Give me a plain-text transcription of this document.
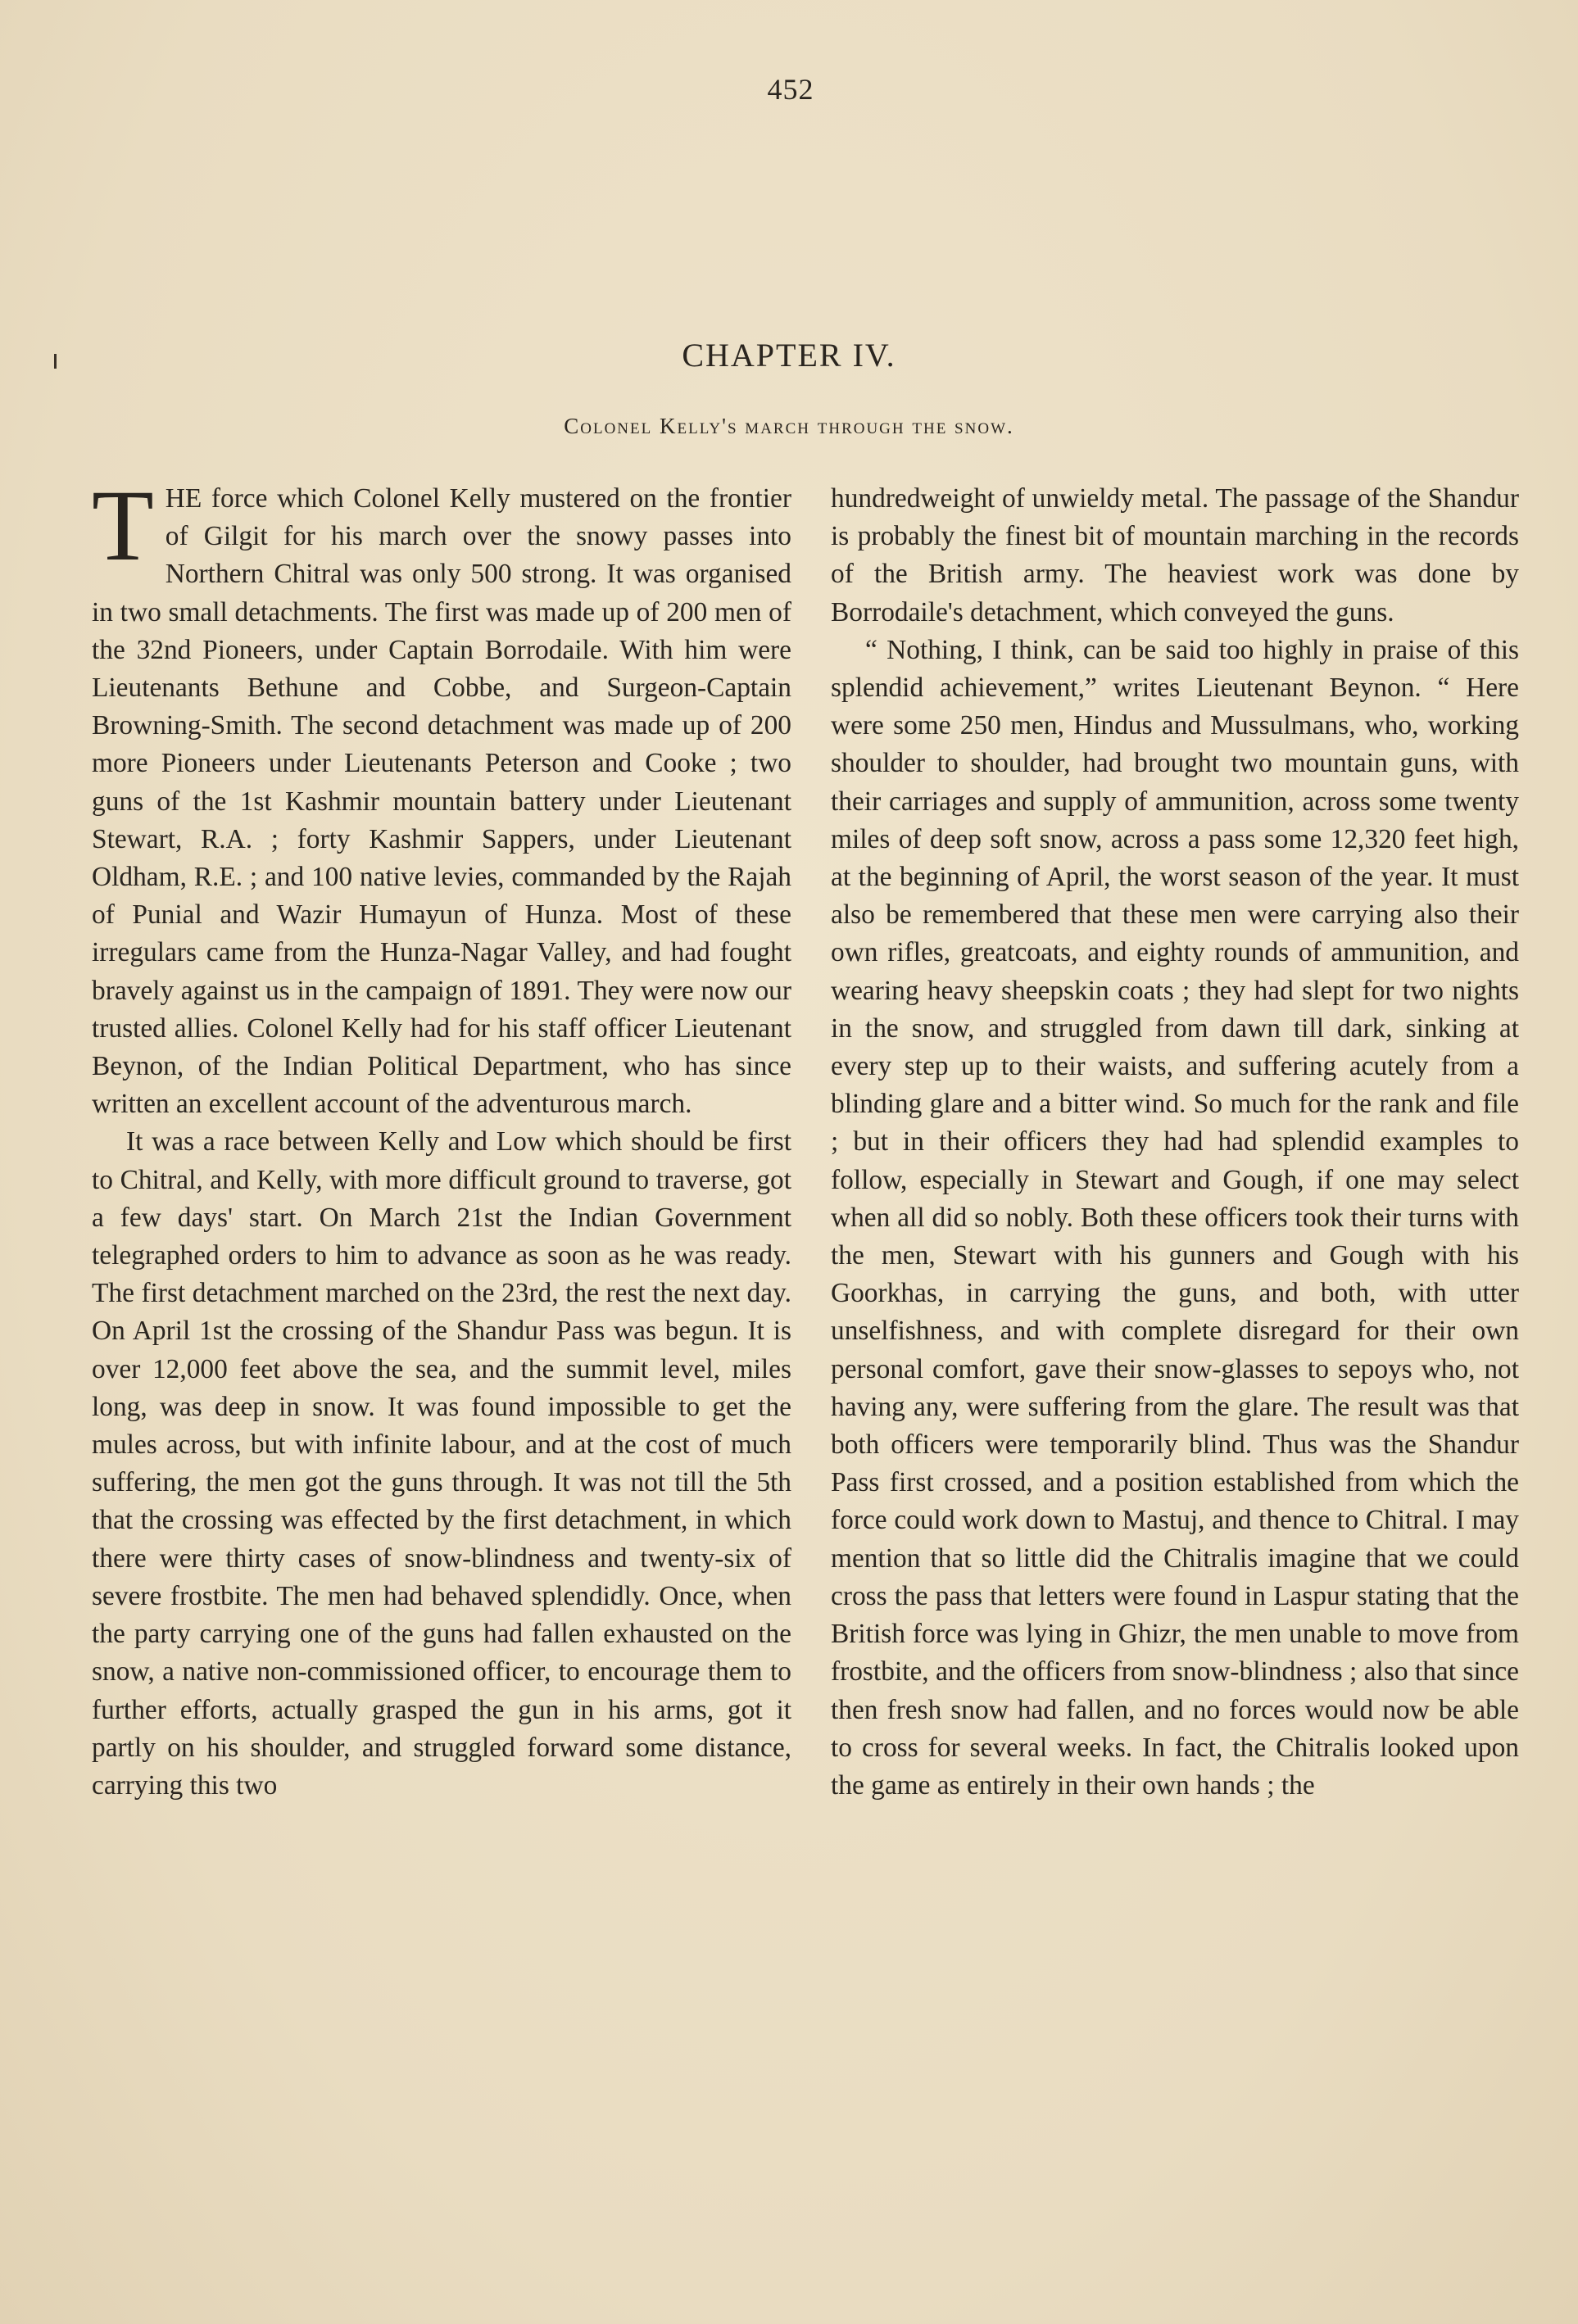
452
CHAPTER IV.
Colonel Kelly's march through the snow.

THE force which Colonel Kelly mustered on the frontier of Gilgit for his march over the snowy passes into Northern Chitral was only 500 strong. It was organised in two small detachments. The first was made up of 200 men of the 32nd Pioneers, under Captain Borrodaile. With him were Lieutenants Bethune and Cobbe, and Surgeon-Captain Browning-Smith. The second detachment was made up of 200 more Pioneers under Lieutenants Peterson and Cooke ; two guns of the 1st Kashmir mountain battery under Lieutenant Stewart, R.A. ; forty Kashmir Sappers, under Lieutenant Oldham, R.E. ; and 100 native levies, commanded by the Rajah of Punial and Wazir Humayun of Hunza. Most of these irregulars came from the Hunza-Nagar Valley, and had fought bravely against us in the campaign of 1891. They were now our trusted allies. Colonel Kelly had for his staff officer Lieutenant Beynon, of the Indian Political Department, who has since written an excellent account of the adventurous march.

It was a race between Kelly and Low which should be first to Chitral, and Kelly, with more difficult ground to traverse, got a few days' start. On March 21st the Indian Government telegraphed orders to him to advance as soon as he was ready. The first detachment marched on the 23rd, the rest the next day. On April 1st the crossing of the Shandur Pass was begun. It is over 12,000 feet above the sea, and the summit level, miles long, was deep in snow. It was found impossible to get the mules across, but with infinite labour, and at the cost of much suffering, the men got the guns through. It was not till the 5th that the crossing was effected by the first detachment, in which there were thirty cases of snow-blindness and twenty-six of severe frostbite. The men had behaved splendidly. Once, when the party carrying one of the guns had fallen exhausted on the snow, a native non-commissioned officer, to encourage them to further efforts, actually grasped the gun in his arms, got it partly on his shoulder, and struggled forward some distance, carrying this two

hundredweight of unwieldy metal. The passage of the Shandur is probably the finest bit of mountain marching in the records of the British army. The heaviest work was done by Borrodaile's detachment, which conveyed the guns.

“ Nothing, I think, can be said too highly in praise of this splendid achievement,” writes Lieutenant Beynon. “ Here were some 250 men, Hindus and Mussulmans, who, working shoulder to shoulder, had brought two mountain guns, with their carriages and supply of ammunition, across some twenty miles of deep soft snow, across a pass some 12,320 feet high, at the beginning of April, the worst season of the year. It must also be remembered that these men were carrying also their own rifles, greatcoats, and eighty rounds of ammunition, and wearing heavy sheepskin coats ; they had slept for two nights in the snow, and struggled from dawn till dark, sinking at every step up to their waists, and suffering acutely from a blinding glare and a bitter wind. So much for the rank and file ; but in their officers they had had splendid examples to follow, especially in Stewart and Gough, if one may select when all did so nobly. Both these officers took their turns with the men, Stewart with his gunners and Gough with his Goorkhas, in carrying the guns, and both, with utter unselfishness, and with complete disregard for their own personal comfort, gave their snow-glasses to sepoys who, not having any, were suffering from the glare. The result was that both officers were temporarily blind. Thus was the Shandur Pass first crossed, and a position established from which the force could work down to Mastuj, and thence to Chitral. I may mention that so little did the Chitralis imagine that we could cross the pass that letters were found in Laspur stating that the British force was lying in Ghizr, the men unable to move from frostbite, and the officers from snow-blindness ; also that since then fresh snow had fallen, and no forces would now be able to cross for several weeks. In fact, the Chitralis looked upon the game as entirely in their own hands ; the
